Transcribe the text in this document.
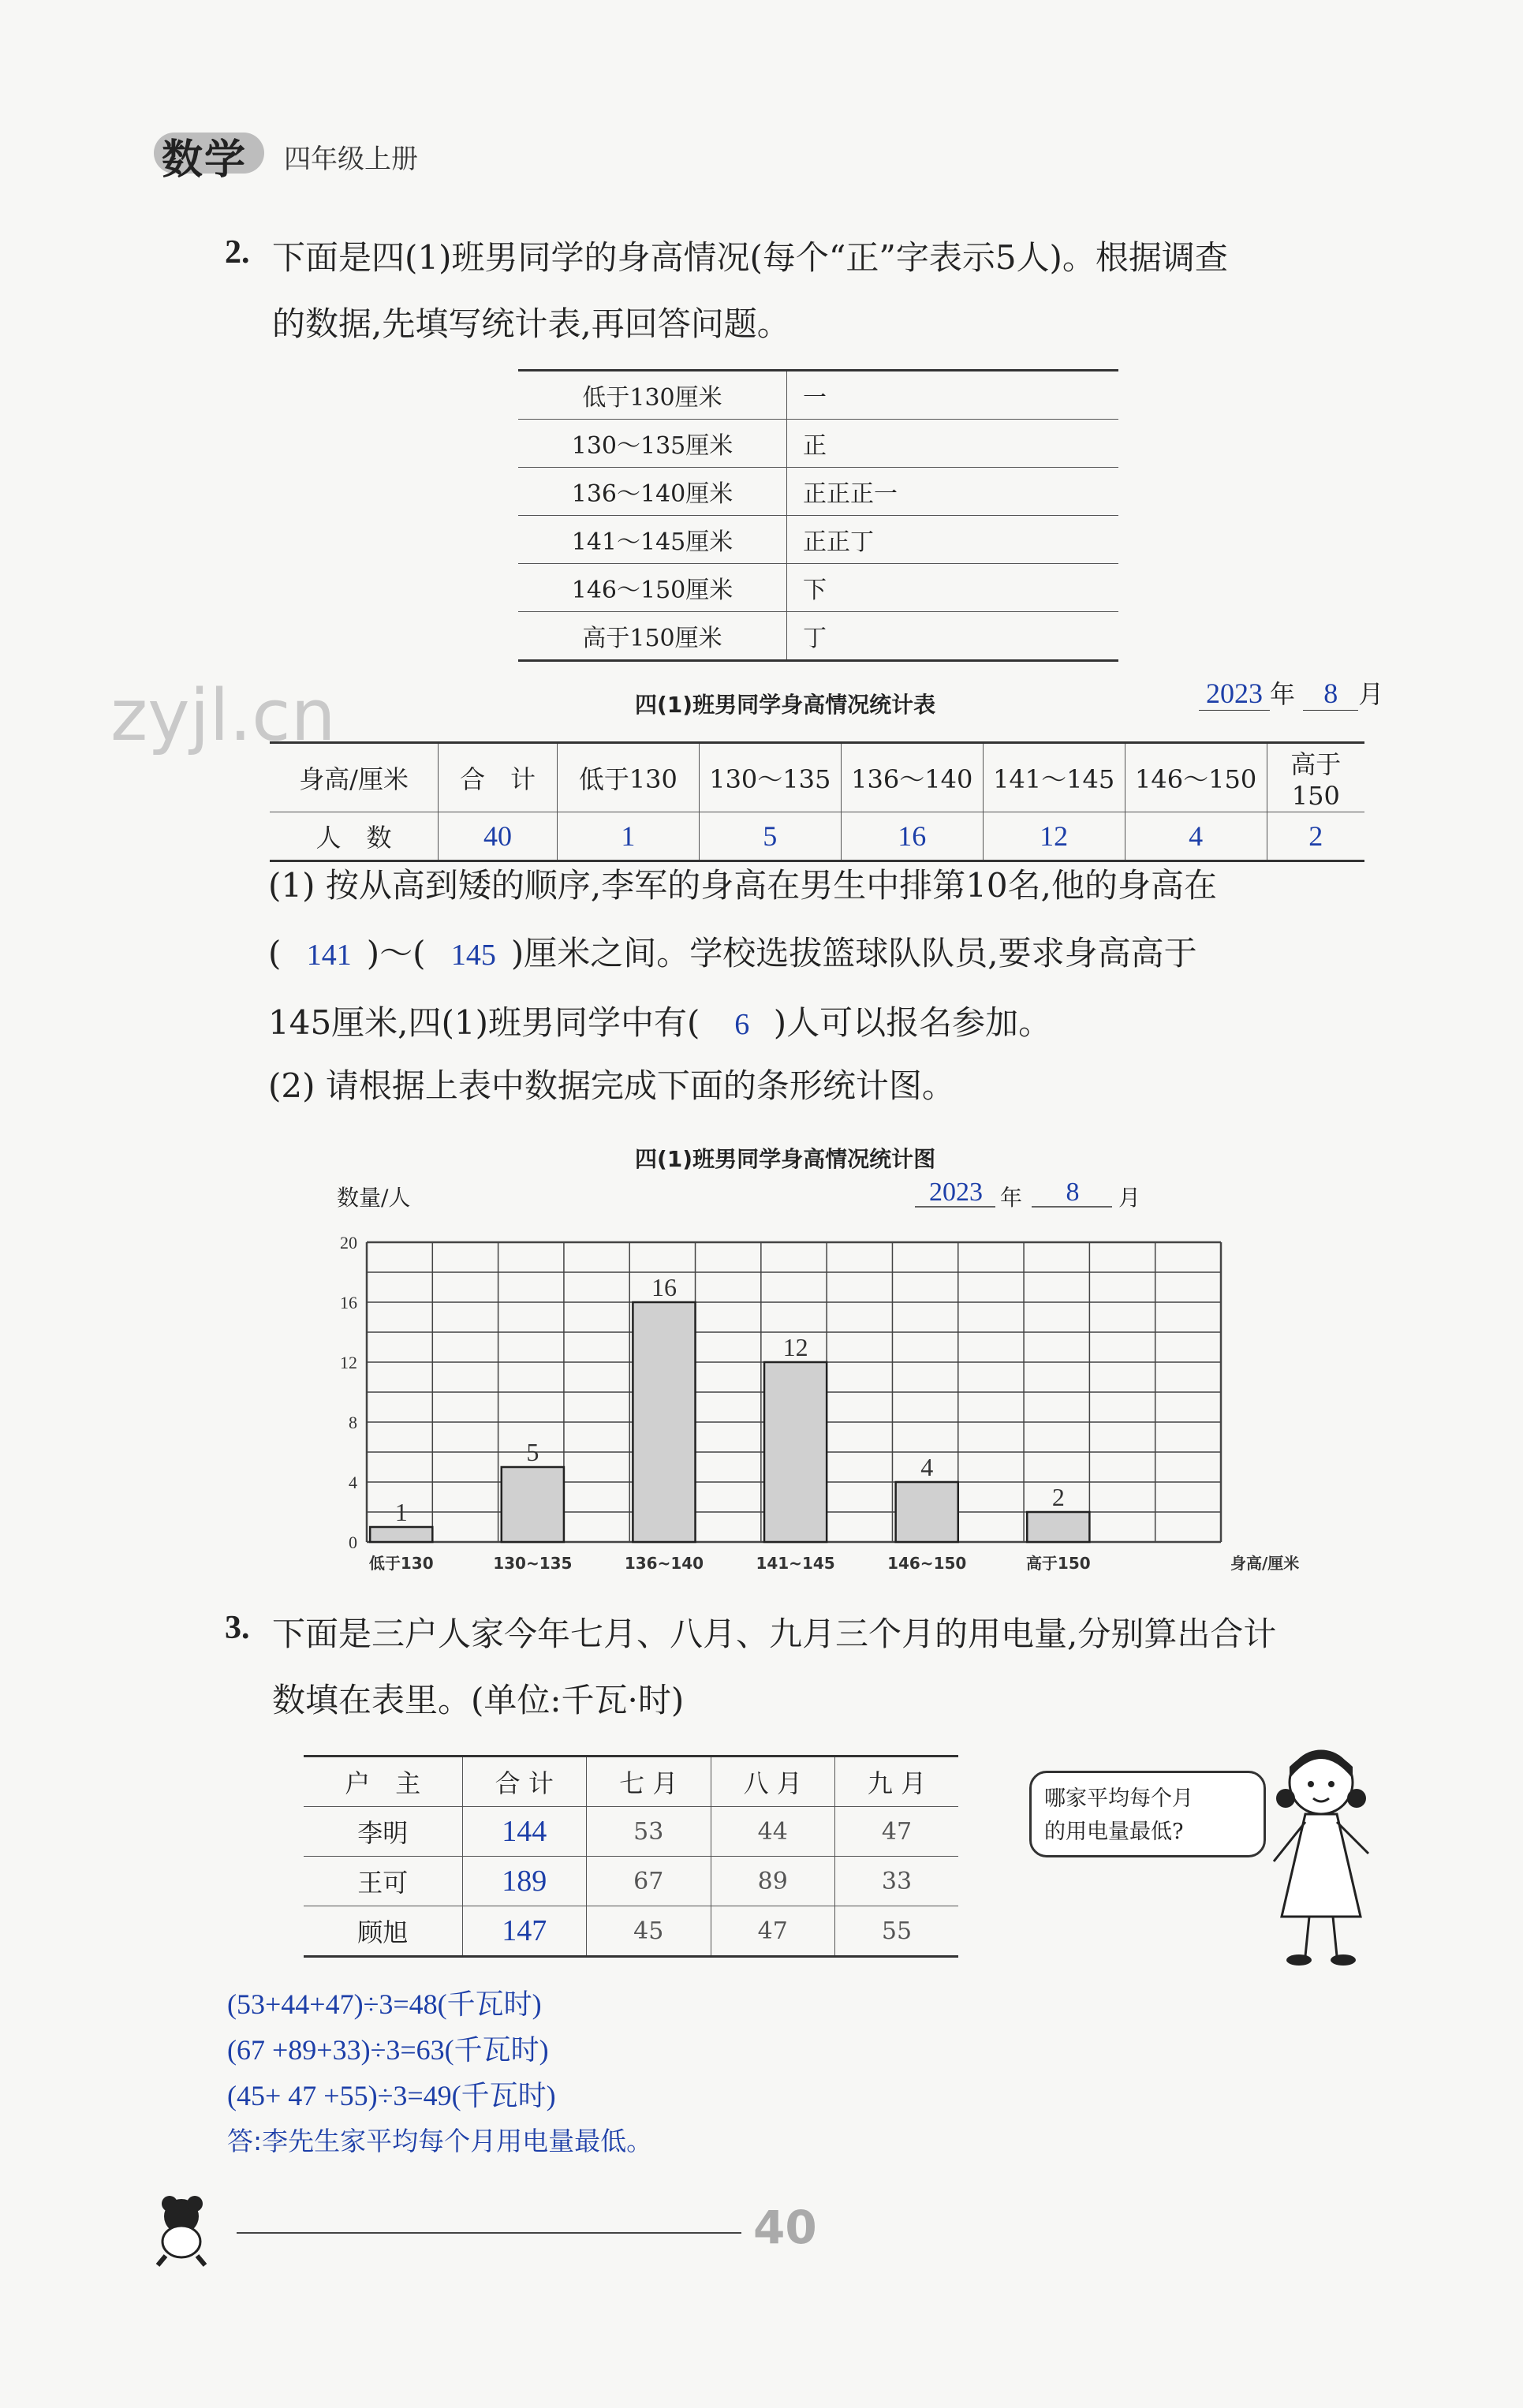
数学 四年级上册
2. 下面是四(1)班男同学的身高情况(每个“正”字表示5人)。根据调查
的数据,先填写统计表,再回答问题。
低于130厘米	一
130～135厘米	正
136～140厘米	正正正一
141～145厘米	正正丁
146～150厘米	下
高于150厘米	丁
zyjl.cn	四(1)班男同学身高情况统计表	2023 年 8 月
身高/厘米	合　计	低于130	130～135	136～140	141～145	146～150	高于150
人　数	40	1	5	16	12	4	2
(1) 按从高到矮的顺序,李军的身高在男生中排第10名,他的身高在
( 141 )～( 145 )厘米之间。学校选拔篮球队队员,要求身高高于
145厘米,四(1)班男同学中有( 6 )人可以报名参加。
(2) 请根据上表中数据完成下面的条形统计图。
四(1)班男同学身高情况统计图
0
4
8
12
16
20
数量/人	2023 年 8 月
1
低于130
5
130~135
16
136~140
12
141~145
4
146~150
2
高于150	身高/厘米
3. 下面是三户人家今年七月、八月、九月三个月的用电量,分别算出合计
数填在表里。(单位:千瓦·时)
户　主	合 计	七 月	八 月	九 月
李明	144	53	44	47
王可	189	67	89	33
顾旭	147	45	47	55
哪家平均每个月
的用电量最低?
(53+44+47)÷3=48(千瓦时)
(67 +89+33)÷3=63(千瓦时)
(45+ 47 +55)÷3=49(千瓦时)
答:李先生家平均每个月用电量最低。
40
